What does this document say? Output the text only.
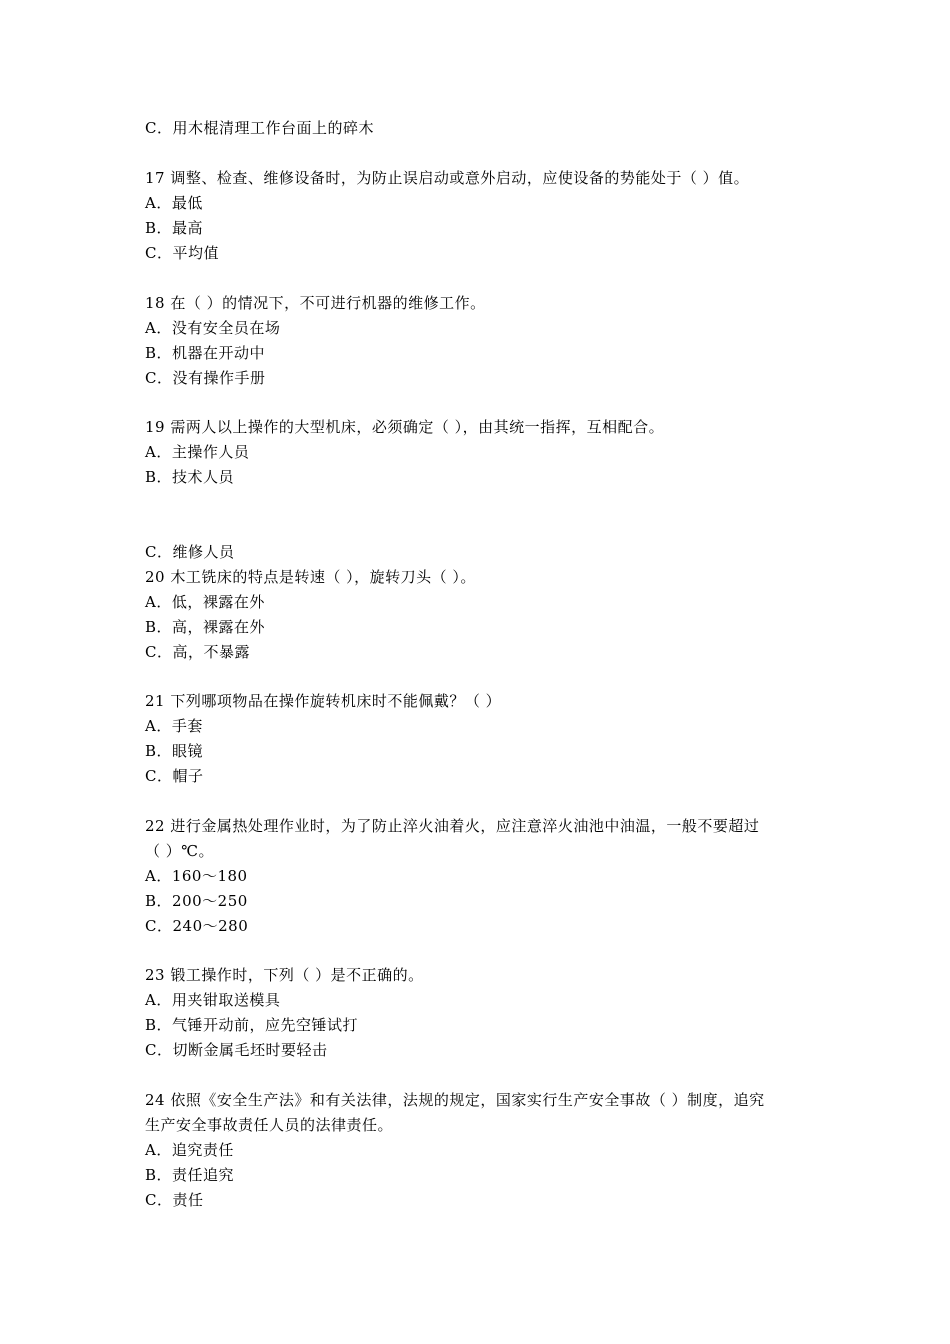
C．用木棍清理工作台面上的碎木
17 调整、检查、维修设备时，为防止误启动或意外启动，应使设备的势能处于（ ）值。
A．最低
B．最高
C．平均值
18 在（ ）的情况下，不可进行机器的维修工作。
A．没有安全员在场
B．机器在开动中
C．没有操作手册
19 需两人以上操作的大型机床，必须确定（ ），由其统一指挥，互相配合。
A．主操作人员
B．技术人员
C．维修人员
20 木工铣床的特点是转速（ ），旋转刀头（ ）。
A．低，裸露在外
B．高，裸露在外
C．高，不暴露
21 下列哪项物品在操作旋转机床时不能佩戴？（ ）
A．手套
B．眼镜
C．帽子
22 进行金属热处理作业时，为了防止淬火油着火，应注意淬火油池中油温，一般不要超过
（ ）℃。
A．160～180
B．200～250
C．240～280
23 锻工操作时，下列（ ）是不正确的。
A．用夹钳取送模具
B．气锤开动前，应先空锤试打
C．切断金属毛坯时要轻击
24 依照《安全生产法》和有关法律，法规的规定，国家实行生产安全事故（ ）制度，追究
生产安全事故责任人员的法律责任。
A．追究责任
B．责任追究
C．责任
